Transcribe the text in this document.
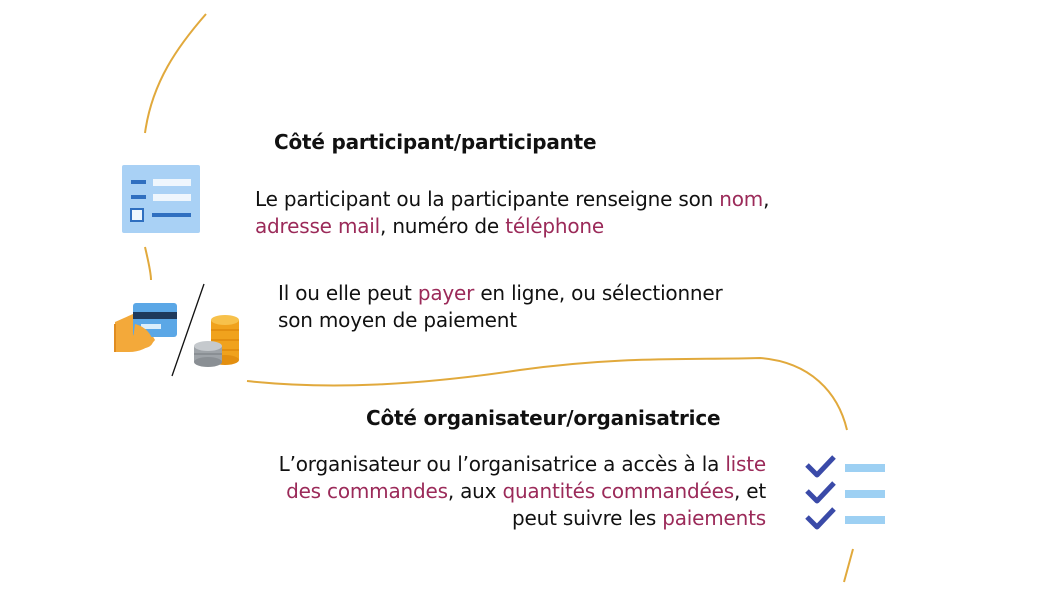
Côté participant/participante
Le participant ou la participante renseigne son nom,
adresse mail, numéro de téléphone
Il ou elle peut payer en ligne, ou sélectionner
son moyen de paiement
Côté organisateur/organisatrice
L’organisateur ou l’organisatrice a accès à la liste
des commandes, aux quantités commandées, et
peut suivre les paiements
